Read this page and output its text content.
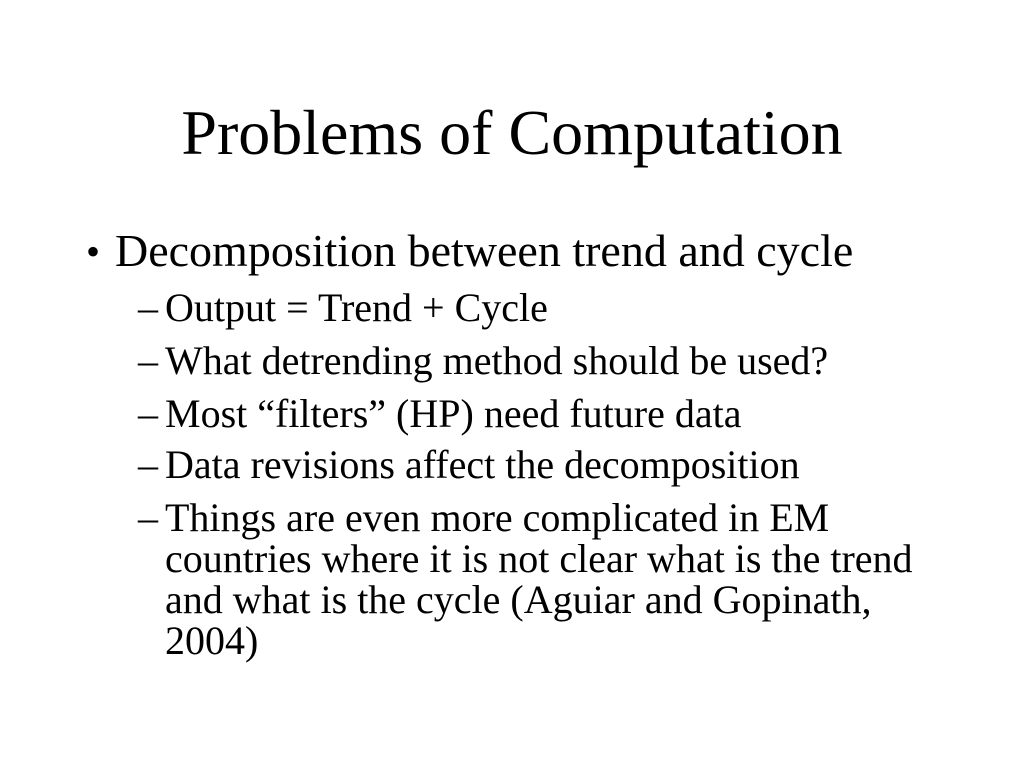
Problems of Computation
• Decomposition between trend and cycle
– Output = Trend + Cycle
– What detrending method should be used?
– Most “filters” (HP) need future data
– Data revisions affect the decomposition
– Things are even more complicated in EM
countries where it is not clear what is the trend
and what is the cycle (Aguiar and Gopinath,
2004)
